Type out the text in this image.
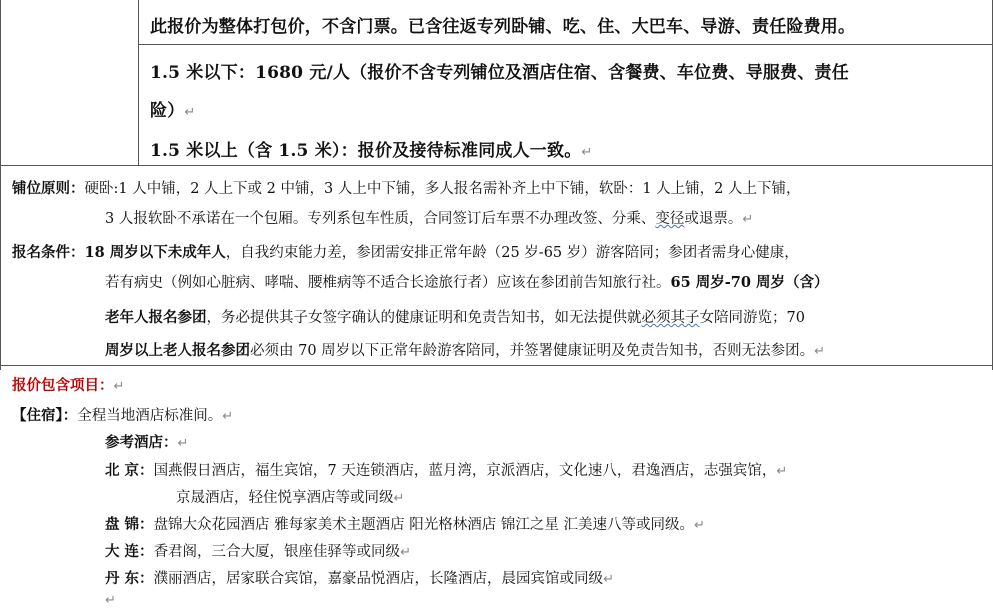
此报价为整体打包价，不含门票。已含往返专列卧铺、吃、住、大巴车、导游、责任险费用。
1.5 米以下：1680 元/人（报价不含专列铺位及酒店住宿、含餐费、车位费、导服费、责任
险）↵
1.5 米以上（含 1.5 米）：报价及接待标准同成人一致。↵
铺位原则：硬卧:1 人中铺，2 人上下或 2 中铺，3 人上中下铺，多人报名需补齐上中下铺，软卧：1 人上铺，2 人上下铺，
3 人报软卧不承诺在一个包厢。专列系包车性质，合同签订后车票不办理改签、分乘、变径或退票。↵
报名条件：18 周岁以下未成年人，自我约束能力差，参团需安排正常年龄（25 岁-65 岁）游客陪同；参团者需身心健康，
若有病史（例如心脏病、哮喘、腰椎病等不适合长途旅行者）应该在参团前告知旅行社。65 周岁-70 周岁（含）
老年人报名参团，务必提供其子女签字确认的健康证明和免责告知书，如无法提供就必须其子女陪同游览；70
周岁以上老人报名参团必须由 70 周岁以下正常年龄游客陪同，并签署健康证明及免责告知书，否则无法参团。↵
报价包含项目：↵
【住宿】：全程当地酒店标准间。↵
参考酒店：↵
北 京：国燕假日酒店，福生宾馆，7 天连锁酒店，蓝月湾，京派酒店，文化速八，君逸酒店，志强宾馆，↵
京晟酒店，轻住悦享酒店等或同级↵
盘 锦：盘锦大众花园酒店 雅每家美术主题酒店 阳光格林酒店 锦江之星 汇美速八等或同级。↵
大 连：香君阁，三合大厦，银座佳驿等或同级↵
丹 东：濮丽酒店，居家联合宾馆，嘉豪品悦酒店，长隆酒店，晨园宾馆或同级↵
↵
